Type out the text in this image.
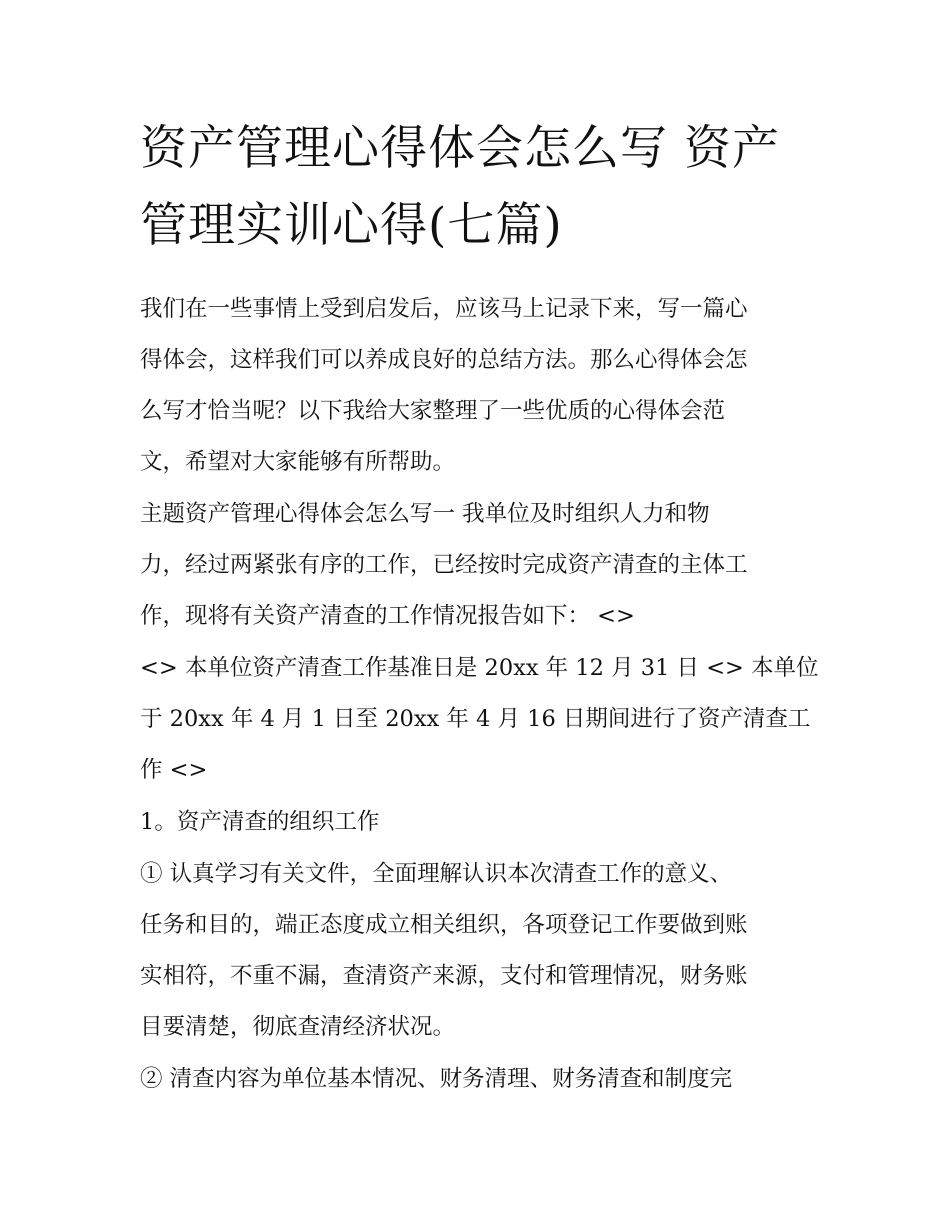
资产管理心得体会怎么写 资产
管理实训心得(七篇)

我们在一些事情上受到启发后，应该马上记录下来，写一篇心
得体会，这样我们可以养成良好的总结方法。那么心得体会怎
么写才恰当呢？以下我给大家整理了一些优质的心得体会范
文，希望对大家能够有所帮助。

主题资产管理心得体会怎么写一 我单位及时组织人力和物
力，经过两紧张有序的工作，已经按时完成资产清查的主体工
作，现将有关资产清查的工作情况报告如下： <>

<> 本单位资产清查工作基准日是 20xx 年 12 月 31 日 <> 本单位
于 20xx 年 4 月 1 日至 20xx 年 4 月 16 日期间进行了资产清查工
作 <>

1。资产清查的组织工作

① 认真学习有关文件，全面理解认识本次清查工作的意义、
任务和目的，端正态度成立相关组织，各项登记工作要做到账
实相符，不重不漏，查清资产来源，支付和管理情况，财务账
目要清楚，彻底查清经济状况。

② 清查内容为单位基本情况、财务清理、财务清查和制度完
